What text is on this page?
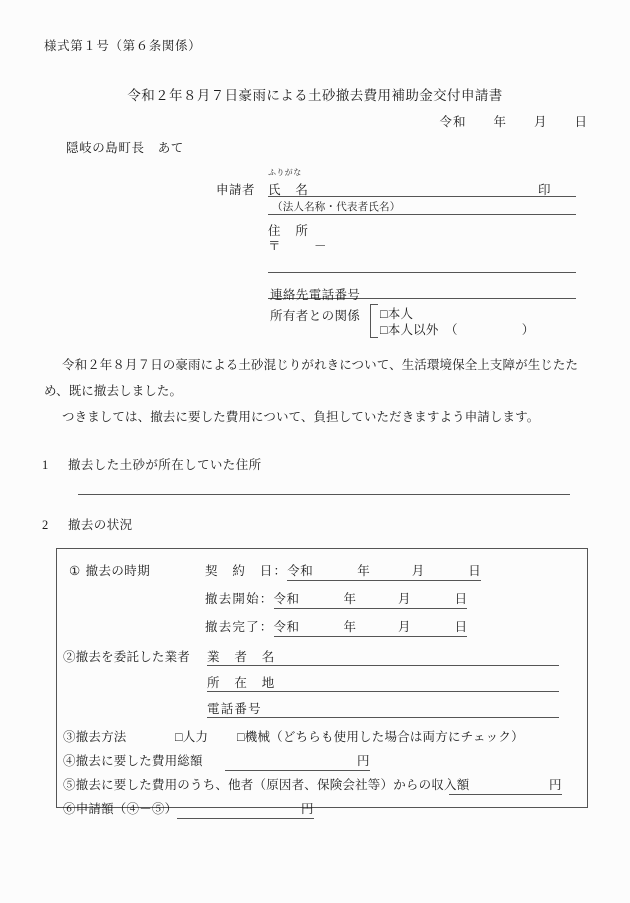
様式第１号（第６条関係）
令和２年８月７日豪雨による土砂撤去費用補助金交付申請書
令和　　年　　月　　日
隠岐の島町長　あて
申請者
ふりがな
氏　名	印
（法人名称・代表者氏名）
住　所
〒	－
連絡先電話番号
所有者との関係 □本人
□本人以外　（	）
令和２年８月７日の豪雨による土砂混じりがれきについて、生活環境保全上支障が生じたため、既に撤去しました。
つきましては、撤去に要した費用について、負担していただきますよう申請します。
1 撤去した土砂が所在していた住所
2 撤去の状況
① 撤去の時期	契　約　日：令和	年	月	日
撤去開始：令和	年	月	日
撤去完了：令和	年	月	日
②撤去を委託した業者 業　者　名
所　在　地
電話番号
③撤去方法	□人力 □機械（どちらも使用した場合は両方にチェック）
④撤去に要した費用総額	円
⑤撤去に要した費用のうち、他者（原因者、保険会社等）からの収入額	円
⑥申請額（④－⑤）	円
